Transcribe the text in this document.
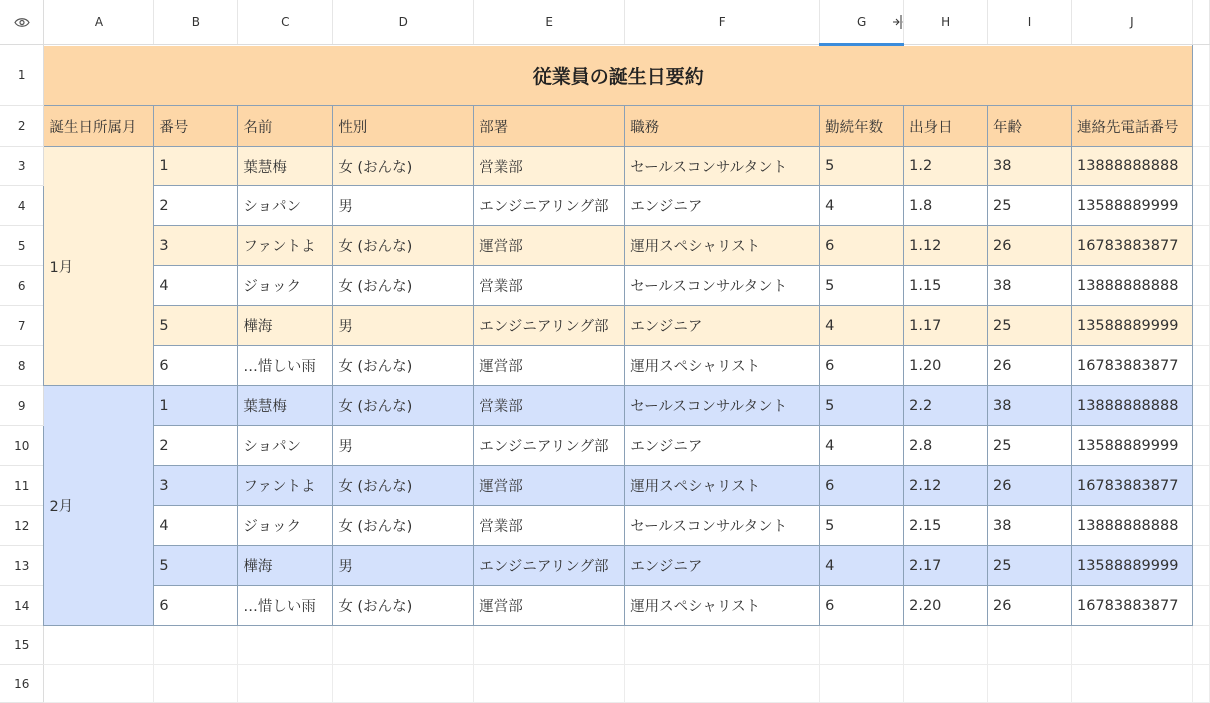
	A	B	C	D	E	F	G	H	I	J	
1	従業員の誕生日要約										
2	誕生日所属月	番号	名前	性別	部署	職務	勤続年数	出身日	年齢	連絡先電話番号	
3	1月	1	葉慧梅	女 (おんな)	営業部	セールスコンサルタント	5	1.2	38	13888888888	
4		2	ショパン	男	エンジニアリング部	エンジニア	4	1.8	25	13588889999	
5		3	ファントよ	女 (おんな)	運営部	運用スペシャリスト	6	1.12	26	16783883877	
6		4	ジョック	女 (おんな)	営業部	セールスコンサルタント	5	1.15	38	13888888888	
7		5	樺海	男	エンジニアリング部	エンジニア	4	1.17	25	13588889999	
8		6	…惜しい雨	女 (おんな)	運営部	運用スペシャリスト	6	1.20	26	16783883877	
9	2月	1	葉慧梅	女 (おんな)	営業部	セールスコンサルタント	5	2.2	38	13888888888	
10		2	ショパン	男	エンジニアリング部	エンジニア	4	2.8	25	13588889999	
11		3	ファントよ	女 (おんな)	運営部	運用スペシャリスト	6	2.12	26	16783883877	
12		4	ジョック	女 (おんな)	営業部	セールスコンサルタント	5	2.15	38	13888888888	
13		5	樺海	男	エンジニアリング部	エンジニア	4	2.17	25	13588889999	
14		6	…惜しい雨	女 (おんな)	運営部	運用スペシャリスト	6	2.20	26	16783883877	
15											
16											
